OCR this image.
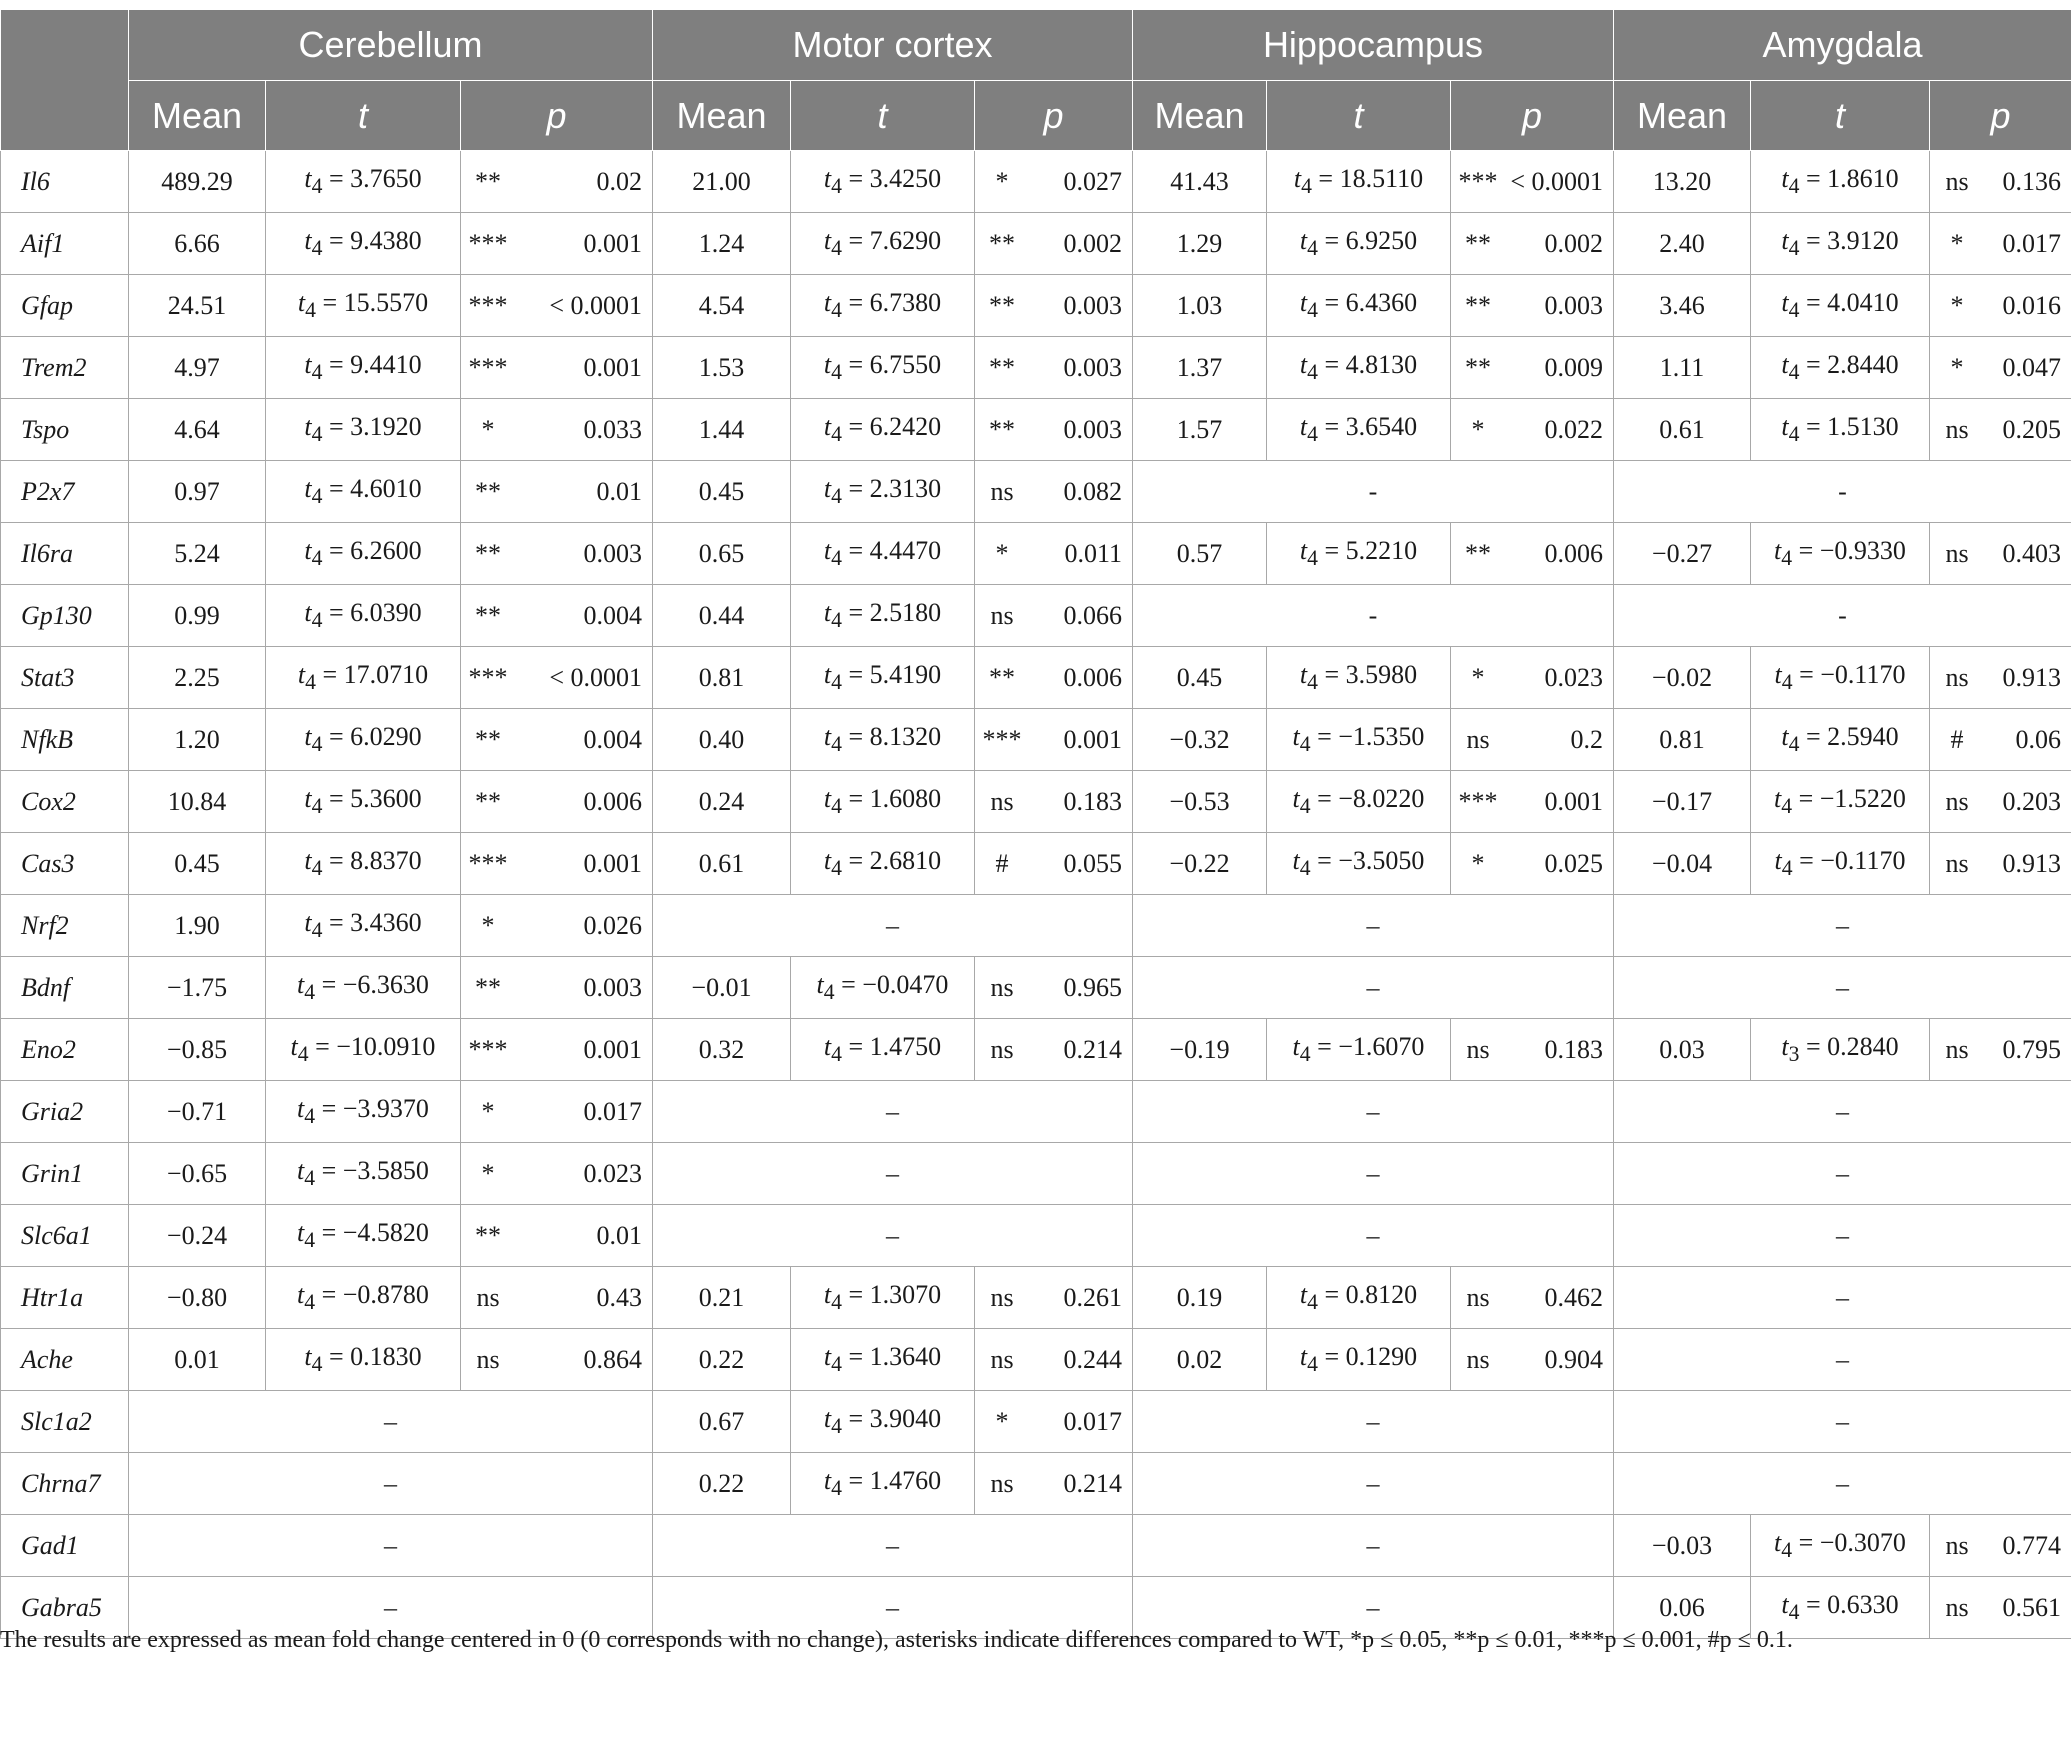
	Cerebellum			Motor cortex			Hippocampus			Amygdala		
	Mean	t	p	Mean	t	p	Mean	t	p	Mean	t	p
Il6	489.29	$t_4 = 3.7650$	** 0.02	21.00	$t_4 = 3.4250$	* 0.027	41.43	$t_4 = 18.5110$	*** < 0.0001	13.20	$t_4 = 1.8610$	ns 0.136

Aif1	6.66	$t_4 = 9.4380$	*** 0.001	1.24	$t_4 = 7.6290$	** 0.002	1.29	$t_4 = 6.9250$	** 0.002	2.40	$t_4 = 3.9120$	* 0.017

Gfap	24.51	$t_4 = 15.5570$	*** < 0.0001	4.54	$t_4 = 6.7380$	** 0.003	1.03	$t_4 = 6.4360$	** 0.003	3.46	$t_4 = 4.0410$	* 0.016

Trem2	4.97	$t_4 = 9.4410$	*** 0.001	1.53	$t_4 = 6.7550$	** 0.003	1.37	$t_4 = 4.8130$	** 0.009	1.11	$t_4 = 2.8440$	* 0.047

Tspo	4.64	$t_4 = 3.1920$	* 0.033	1.44	$t_4 = 6.2420$	** 0.003	1.57	$t_4 = 3.6540$	* 0.022	0.61	$t_4 = 1.5130$	ns 0.205

P2x7	0.97	$t_4 = 4.6010$	** 0.01	0.45	$t_4 = 2.3130$	ns 0.082	-			-		
Il6ra	5.24	$t_4 = 6.2600$	** 0.003	0.65	$t_4 = 4.4470$	* 0.011	0.57	$t_4 = 5.2210$	** 0.006	−0.27	$t_4 = -0.9330$	ns 0.403

Gp130	0.99	$t_4 = 6.0390$	** 0.004	0.44	$t_4 = 2.5180$	ns 0.066	-			-		
Stat3	2.25	$t_4 = 17.0710$	*** < 0.0001	0.81	$t_4 = 5.4190$	** 0.006	0.45	$t_4 = 3.5980$	* 0.023	−0.02	$t_4 = -0.1170$	ns 0.913

NfkB	1.20	$t_4 = 6.0290$	** 0.004	0.40	$t_4 = 8.1320$	*** 0.001	−0.32	$t_4 = -1.5350$	ns 0.2	0.81	$t_4 = 2.5940$	# 0.06

Cox2	10.84	$t_4 = 5.3600$	** 0.006	0.24	$t_4 = 1.6080$	ns 0.183	−0.53	$t_4 = -8.0220$	*** 0.001	−0.17	$t_4 = -1.5220$	ns 0.203

Cas3	0.45	$t_4 = 8.8370$	*** 0.001	0.61	$t_4 = 2.6810$	# 0.055	−0.22	$t_4 = -3.5050$	* 0.025	−0.04	$t_4 = -0.1170$	ns 0.913

Nrf2	1.90	$t_4 = 3.4360$	* 0.026	–			–			–		
Bdnf	−1.75	$t_4 = -6.3630$	** 0.003	−0.01	$t_4 = -0.0470$	ns 0.965	–			–		
Eno2	−0.85	$t_4 = -10.0910$	*** 0.001	0.32	$t_4 = 1.4750$	ns 0.214	−0.19	$t_4 = -1.6070$	ns 0.183	0.03	$t_3 = 0.2840$	ns 0.795

Gria2	−0.71	$t_4 = -3.9370$	* 0.017	–			–			–		
Grin1	−0.65	$t_4 = -3.5850$	* 0.023	–			–			–		
Slc6a1	−0.24	$t_4 = -4.5820$	** 0.01	–			–			–		
Htr1a	−0.80	$t_4 = -0.8780$	ns 0.43	0.21	$t_4 = 1.3070$	ns 0.261	0.19	$t_4 = 0.8120$	ns 0.462	–		
Ache	0.01	$t_4 = 0.1830$	ns 0.864	0.22	$t_4 = 1.3640$	ns 0.244	0.02	$t_4 = 0.1290$	ns 0.904	–		
Slc1a2	–			0.67	$t_4 = 3.9040$	* 0.017	–			–		
Chrna7	–			0.22	$t_4 = 1.4760$	ns 0.214	–			–		
Gad1	–			–			–			−0.03	$t_4 = -0.3070$	ns 0.774

Gabra5	–			–			–			0.06	$t_4 = 0.6330$	ns 0.561
The results are expressed as mean fold change centered in 0 (0 corresponds with no change), asterisks indicate differences compared to WT, *p ≤ 0.05, **p ≤ 0.01, ***p ≤ 0.001, #p ≤ 0.1.
